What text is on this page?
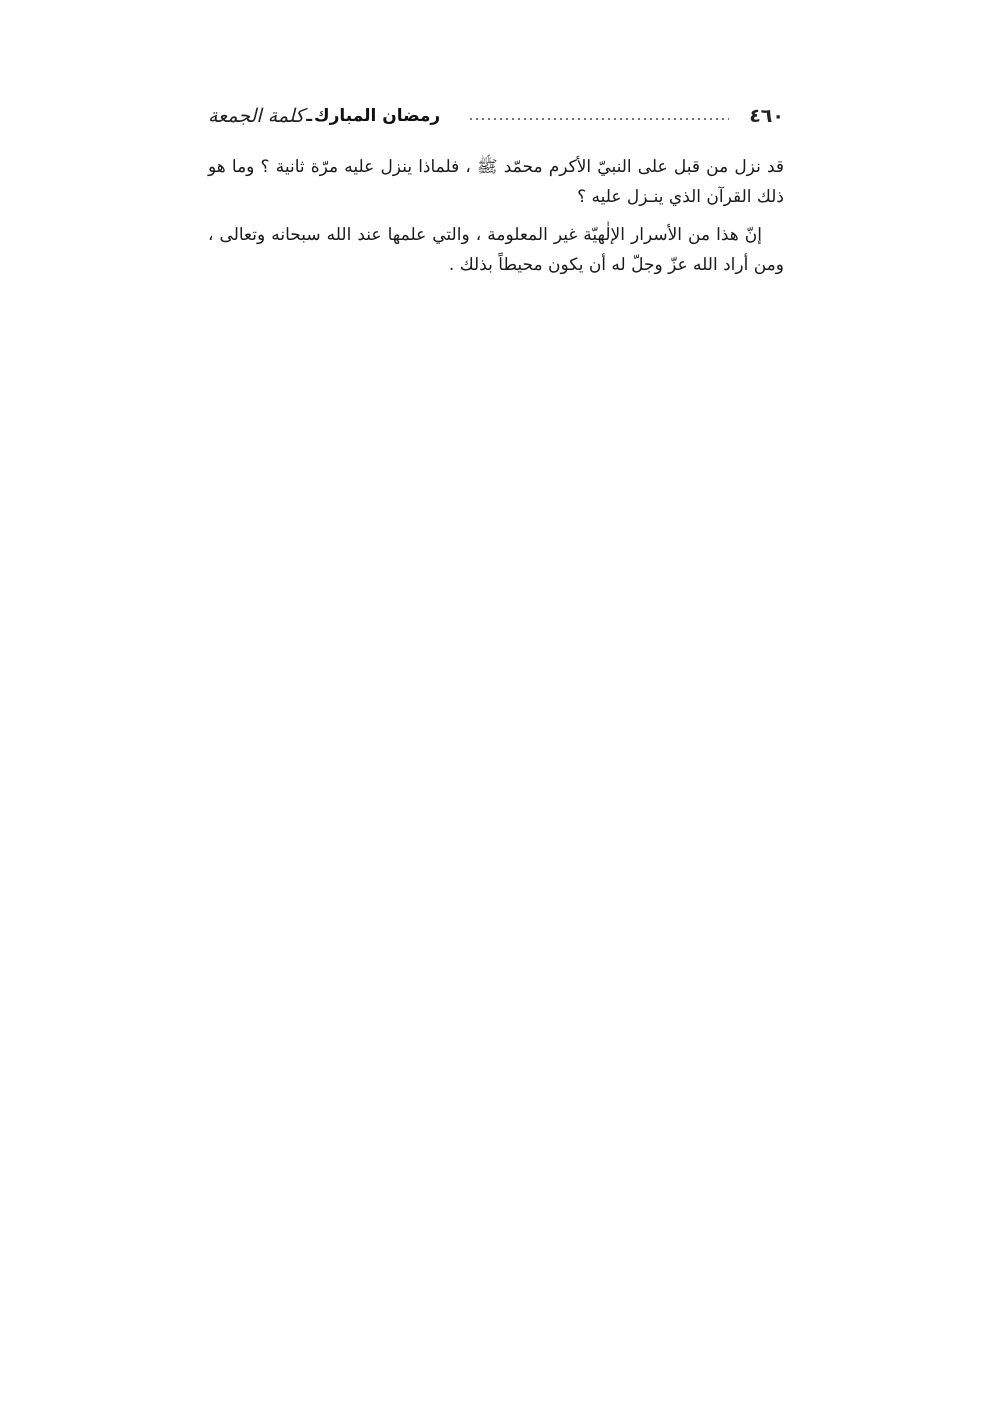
٤٦٠
رمضان المبارك
ـ
كلمة الجمعة

قد نزل من قبل على النبيّ الأكرم محمّد ﷺ ، فلماذا ينزل عليه مرّة ثانية ؟ وما هو ذلك القرآن الذي ينـزل عليه ؟

إنّ هذا من الأسرار الإلٰهيّة غير المعلومة ، والتي علمها عند الله سبحانه وتعالى ، ومن أراد الله عزّ وجلّ له أن يكون محيطاً بذلك .
